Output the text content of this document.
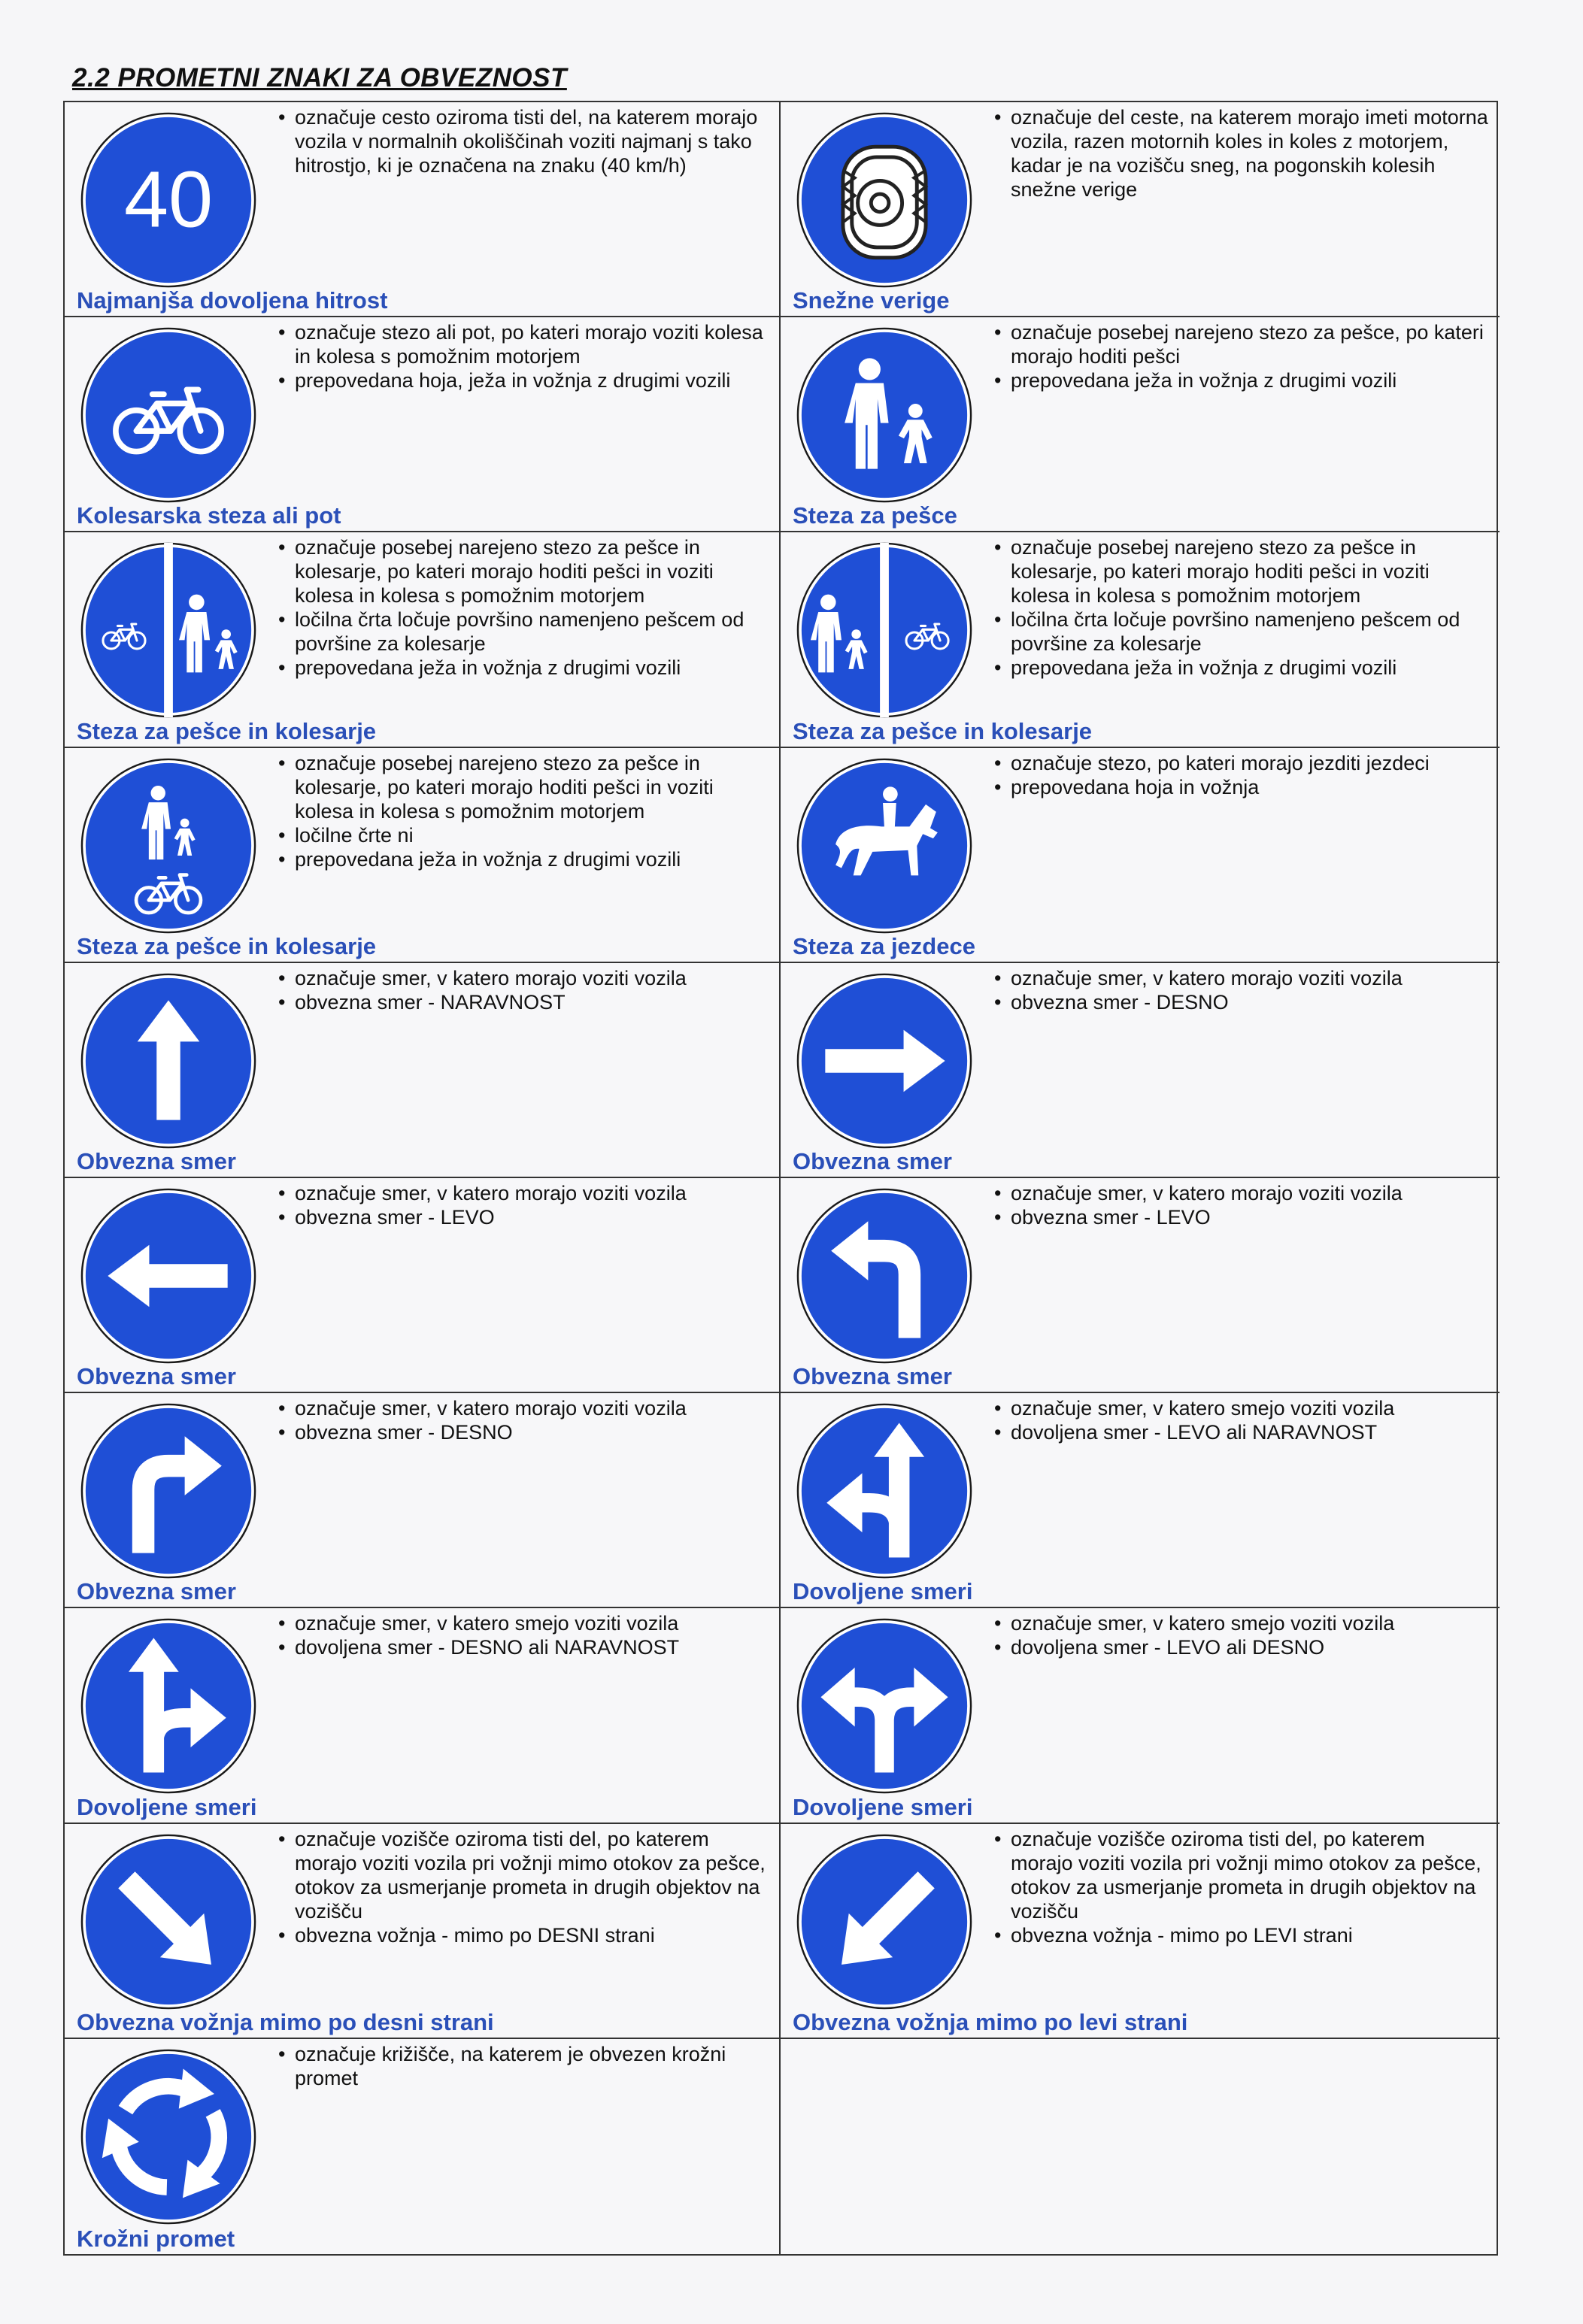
2.2 PROMETNI ZNAKI ZA OBVEZNOST
40
• označuje cesto oziroma tisti del, na katerem morajo vozila v normalnih okoliščinah voziti najmanj s tako hitrostjo, ki je označena na znaku (40 km/h)
Najmanjša dovoljena hitrost
• označuje del ceste, na katerem morajo imeti motorna vozila, razen motornih koles in koles z motorjem, kadar je na vozišču sneg, na pogonskih kolesih snežne verige
Snežne verige
• označuje stezo ali pot, po kateri morajo voziti kolesa in kolesa s pomožnim motorjem
• prepovedana hoja, ježa in vožnja z drugimi vozili
Kolesarska steza ali pot
• označuje posebej narejeno stezo za pešce, po kateri morajo hoditi pešci
• prepovedana ježa in vožnja z drugimi vozili
Steza za pešce
• označuje posebej narejeno stezo za pešce in kolesarje, po kateri morajo hoditi pešci in voziti kolesa in kolesa s pomožnim motorjem
• ločilna črta ločuje površino namenjeno pešcem od površine za kolesarje
• prepovedana ježa in vožnja z drugimi vozili
Steza za pešce in kolesarje
• označuje posebej narejeno stezo za pešce in kolesarje, po kateri morajo hoditi pešci in voziti kolesa in kolesa s pomožnim motorjem
• ločilna črta ločuje površino namenjeno pešcem od površine za kolesarje
• prepovedana ježa in vožnja z drugimi vozili
Steza za pešce in kolesarje
• označuje posebej narejeno stezo za pešce in kolesarje, po kateri morajo hoditi pešci in voziti kolesa in kolesa s pomožnim motorjem
• ločilne črte ni
• prepovedana ježa in vožnja z drugimi vozili
Steza za pešce in kolesarje
• označuje stezo, po kateri morajo jezditi jezdeci
• prepovedana hoja in vožnja
Steza za jezdece
• označuje smer, v katero morajo voziti vozila
• obvezna smer - NARAVNOST
Obvezna smer
• označuje smer, v katero morajo voziti vozila
• obvezna smer - DESNO
Obvezna smer
• označuje smer, v katero morajo voziti vozila
• obvezna smer - LEVO
Obvezna smer
• označuje smer, v katero morajo voziti vozila
• obvezna smer - LEVO
Obvezna smer
• označuje smer, v katero morajo voziti vozila
• obvezna smer - DESNO
Obvezna smer
• označuje smer, v katero smejo voziti vozila
• dovoljena smer - LEVO ali NARAVNOST
Dovoljene smeri
• označuje smer, v katero smejo voziti vozila
• dovoljena smer - DESNO ali NARAVNOST
Dovoljene smeri
• označuje smer, v katero smejo voziti vozila
• dovoljena smer - LEVO ali DESNO
Dovoljene smeri
• označuje vozišče oziroma tisti del, po katerem morajo voziti vozila pri vožnji mimo otokov za pešce, otokov za usmerjanje prometa in drugih objektov na vozišču
• obvezna vožnja - mimo po DESNI strani
Obvezna vožnja mimo po desni strani
• označuje vozišče oziroma tisti del, po katerem morajo voziti vozila pri vožnji mimo otokov za pešce, otokov za usmerjanje prometa in drugih objektov na vozišču
• obvezna vožnja - mimo po LEVI strani
Obvezna vožnja mimo po levi strani
• označuje križišče, na katerem je obvezen krožni promet
Krožni promet
